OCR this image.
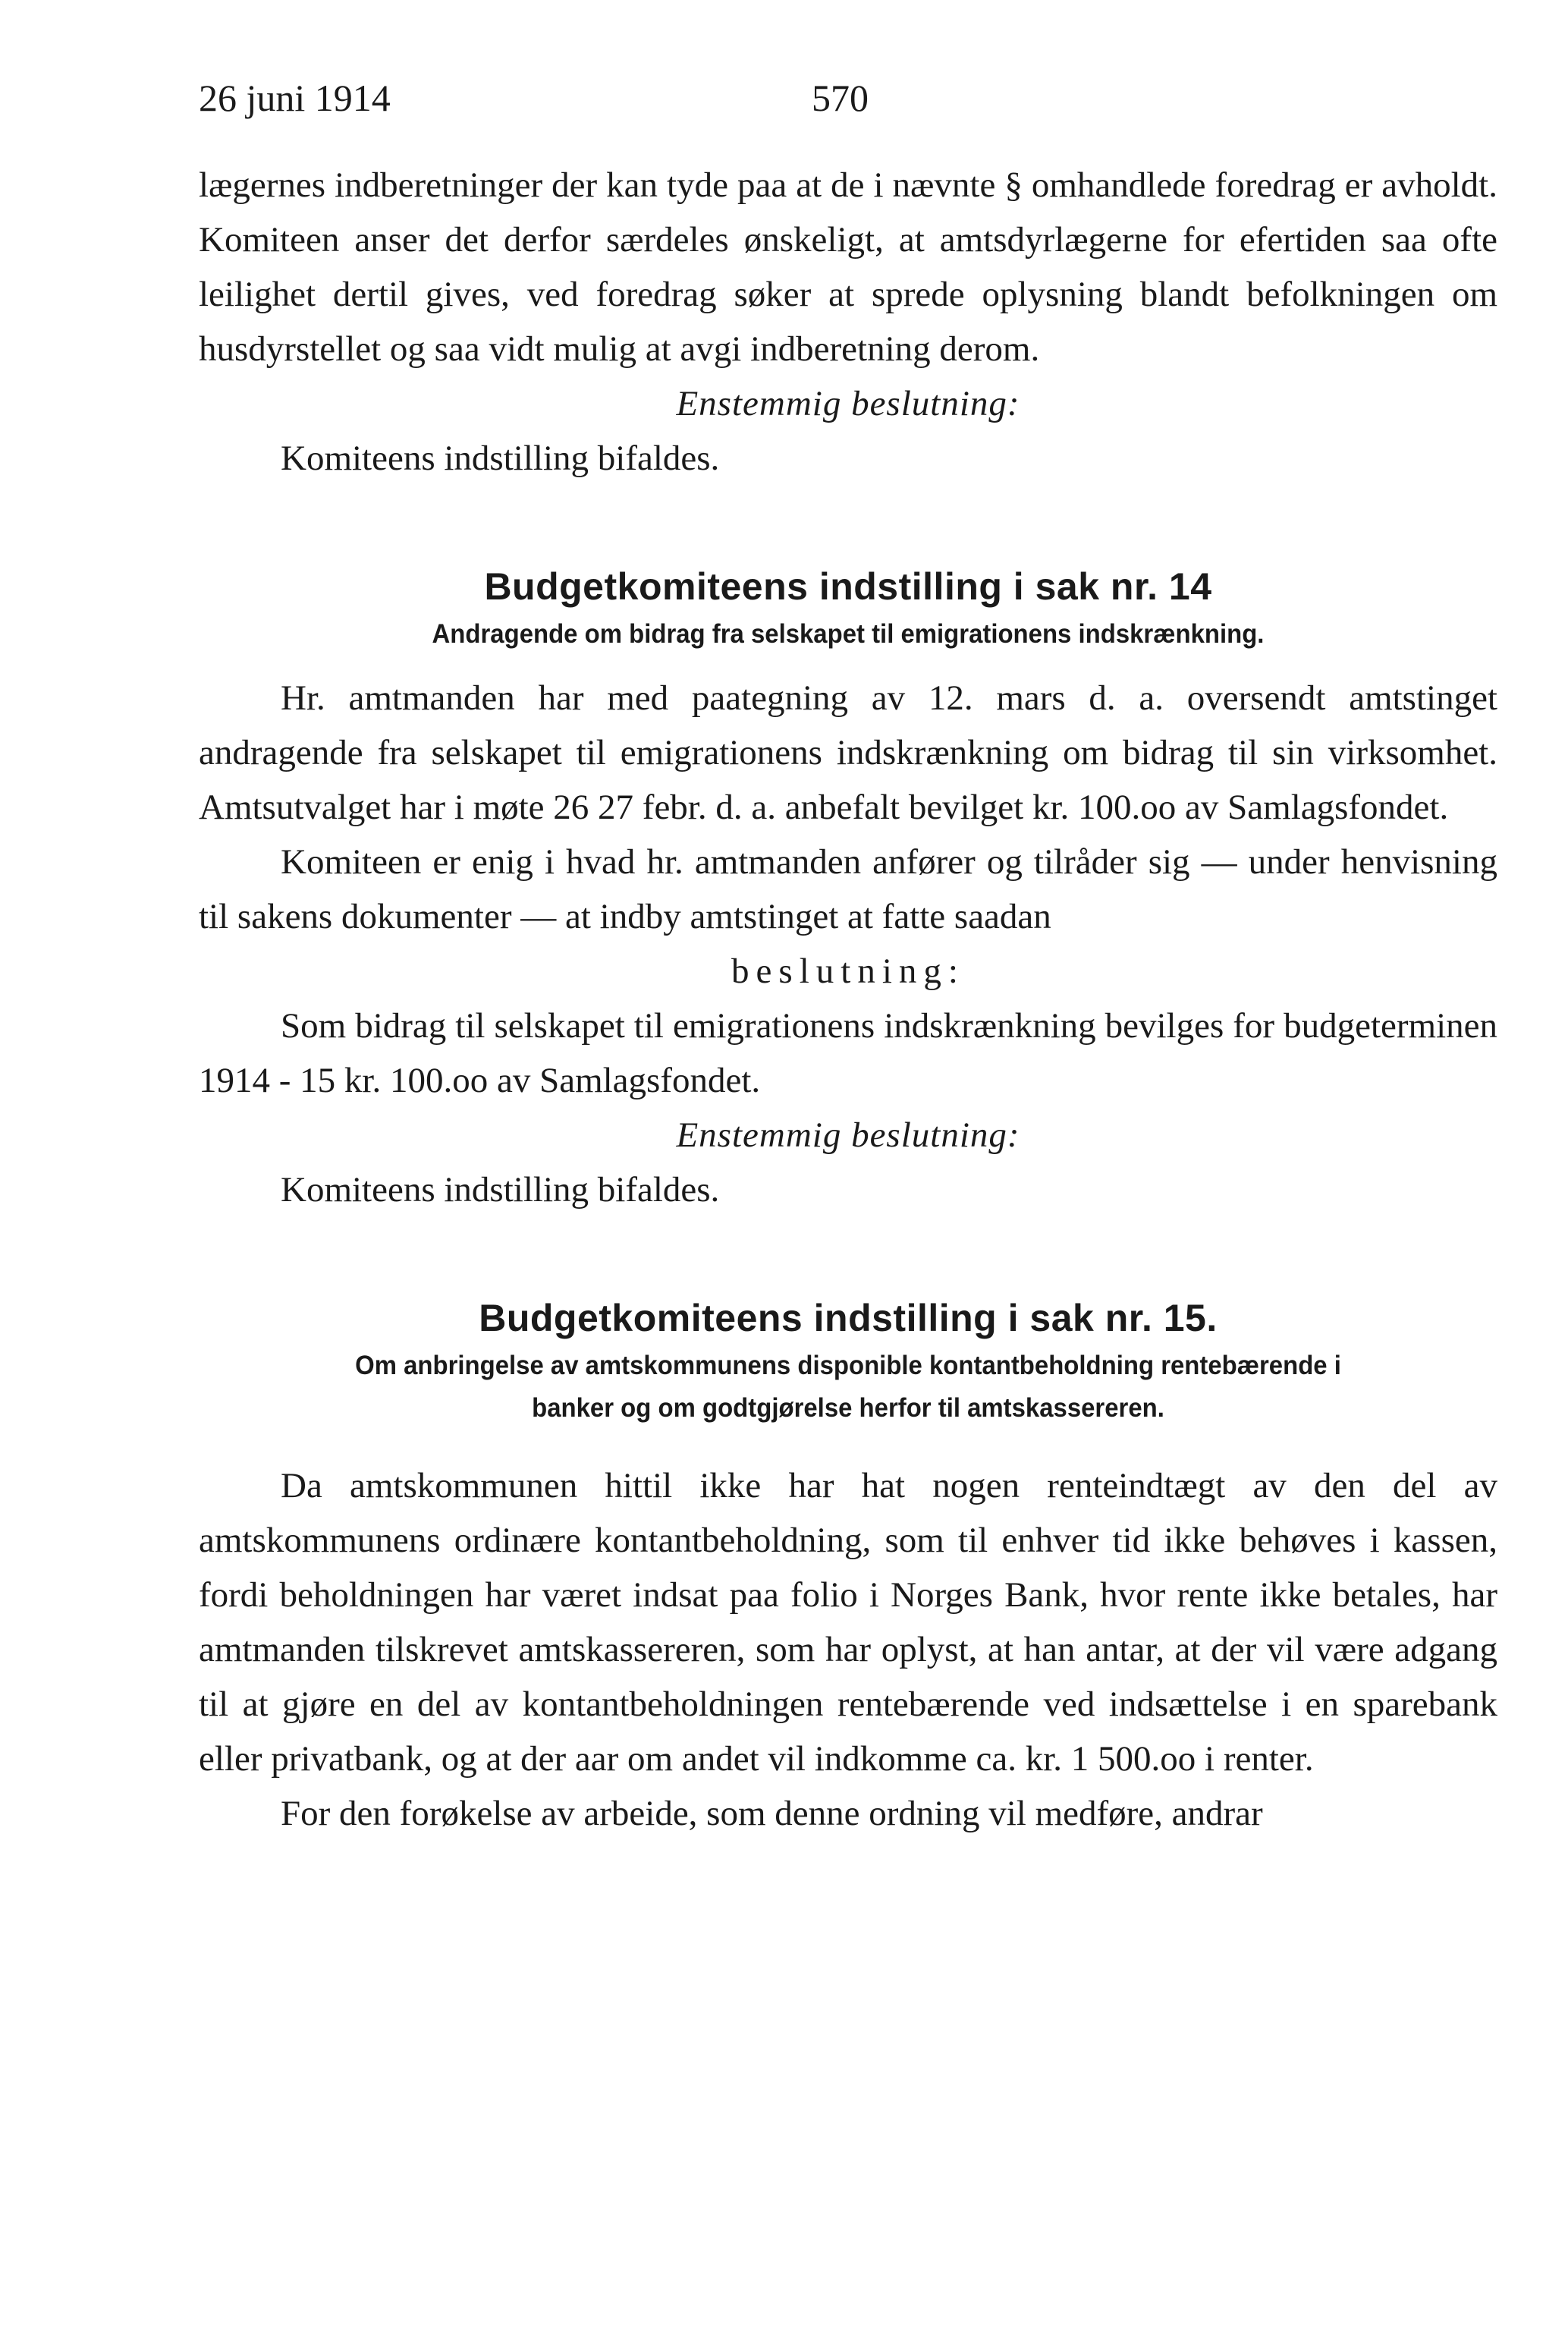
26 juni 1914	570

lægernes indberetninger der kan tyde paa at de i nævnte § omhandlede foredrag er avholdt. Komiteen anser det derfor særdeles ønskeligt, at amtsdyrlægerne for efertiden saa ofte leilighet dertil gives, ved foredrag søker at sprede oplysning blandt befolkningen om husdyrstellet og saa vidt mulig at avgi indberetning derom.

Enstemmig beslutning:

Komiteens indstilling bifaldes.

Budgetkomiteens indstilling i sak nr. 14
Andragende om bidrag fra selskapet til emigrationens indskrænkning.

Hr. amtmanden har med paategning av 12. mars d. a. oversendt amtstinget andragende fra selskapet til emigrationens indskrænkning om bidrag til sin virksomhet. Amtsutvalget har i møte 26 27 febr. d. a. anbefalt bevilget kr. 100.oo av Samlagsfondet.

Komiteen er enig i hvad hr. amtmanden anfører og tilråder sig — under henvisning til sakens dokumenter — at indby amtstinget at fatte saadan

beslutning:

Som bidrag til selskapet til emigrationens indskrænkning bevilges for budgeterminen 1914 - 15 kr. 100.oo av Samlagsfondet.

Enstemmig beslutning:

Komiteens indstilling bifaldes.

Budgetkomiteens indstilling i sak nr. 15.
Om anbringelse av amtskommunens disponible kontantbeholdning rentebærende i
banker og om godtgjørelse herfor til amtskassereren.

Da amtskommunen hittil ikke har hat nogen renteindtægt av den del av amtskommunens ordinære kontantbeholdning, som til enhver tid ikke behøves i kassen, fordi beholdningen har været indsat paa folio i Norges Bank, hvor rente ikke betales, har amtmanden tilskrevet amtskassereren, som har oplyst, at han antar, at der vil være adgang til at gjøre en del av kontantbeholdningen rentebærende ved indsættelse i en sparebank eller privatbank, og at der aar om andet vil indkomme ca. kr. 1 500.oo i renter.

For den forøkelse av arbeide, som denne ordning vil medføre, andrar
